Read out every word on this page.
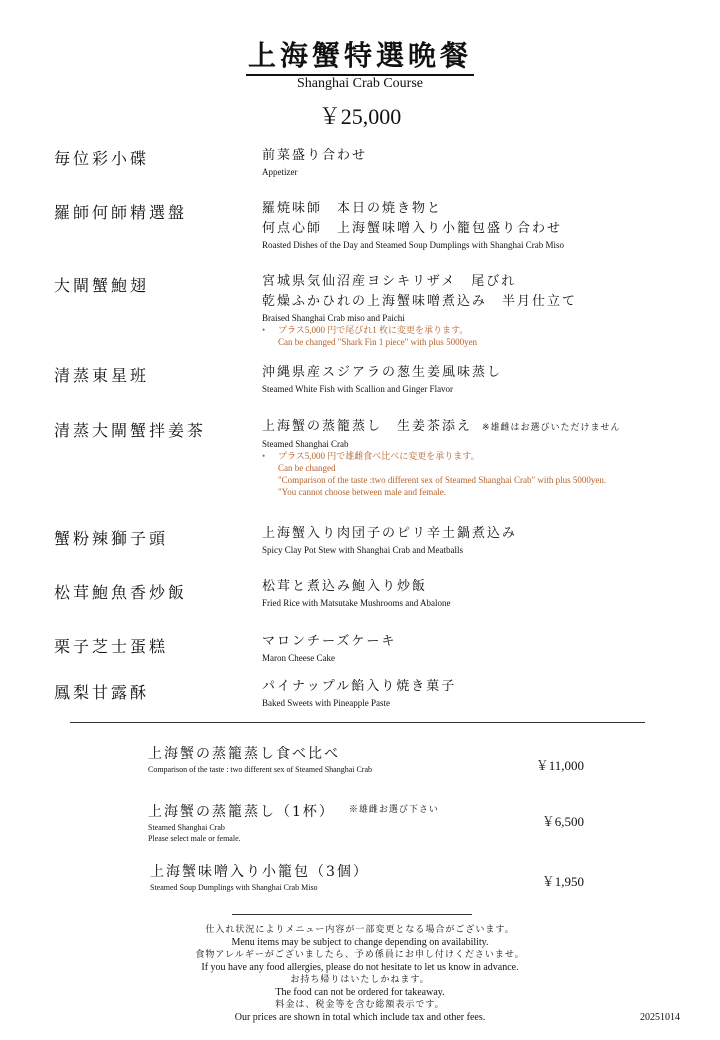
上海蟹特選晩餐
Shanghai Crab Course
￥25,000
毎位彩小碟	前菜盛り合わせ
Appetizer
羅師何師精選盤	羅焼味師　本日の焼き物と
何点心師　上海蟹味噌入り小籠包盛り合わせ
Roasted Dishes of the Day and Steamed Soup Dumplings with Shanghai Crab Miso
大閘蟹鮑翅	宮城県気仙沼産ヨシキリザメ　尾びれ
乾燥ふかひれの上海蟹味噌煮込み　半月仕立て
Braised Shanghai Crab miso and Paichi
• プラス5,000 円で尾びれ1 枚に変更を承ります。
Can be changed "Shark Fin 1 piece" with plus 5000yen
清蒸東星班	沖縄県産スジアラの葱生姜風味蒸し
Steamed White Fish with Scallion and Ginger Flavor
清蒸大閘蟹拌姜茶	上海蟹の蒸籠蒸し　生姜茶添え ※雄雌はお選びいただけません
Steamed Shanghai Crab
• プラス5,000 円で雄雌食べ比べに変更を承ります。
Can be changed
"Comparison of the taste :two different sex of Steamed Shanghai Crab" with plus 5000yen.
"You cannot choose between male and female.
蟹粉辣獅子頭	上海蟹入り肉団子のピリ辛土鍋煮込み
Spicy Clay Pot Stew with Shanghai Crab and Meatballs
松茸鮑魚香炒飯	松茸と煮込み鮑入り炒飯
Fried Rice with Matsutake Mushrooms and Abalone
栗子芝士蛋糕	マロンチーズケーキ
Maron Cheese Cake
鳳梨甘露酥	パイナップル餡入り焼き菓子
Baked Sweets with Pineapple Paste
上海蟹の蒸籠蒸し食べ比べ
Comparison of the taste : two different sex of Steamed Shanghai Crab	￥11,000
上海蟹の蒸籠蒸し（1杯） $^{※雄雌お選び下さい}$
Steamed Shanghai Crab
Please select male or female.
￥6,500
上海蟹味噌入り小籠包（3個）
Steamed Soup Dumplings with Shanghai Crab Miso	￥1,950
仕入れ状況によりメニュー内容が一部変更となる場合がございます。
Menu items may be subject to change depending on availability.
食物アレルギーがございましたら、予め係員にお申し付けくださいませ。
If you have any food allergies, please do not hesitate to let us know in advance.
お持ち帰りはいたしかねます。
The food can not be ordered for takeaway.
料金は、税金等を含む総額表示です。
Our prices are shown in total which include tax and other fees.	20251014
